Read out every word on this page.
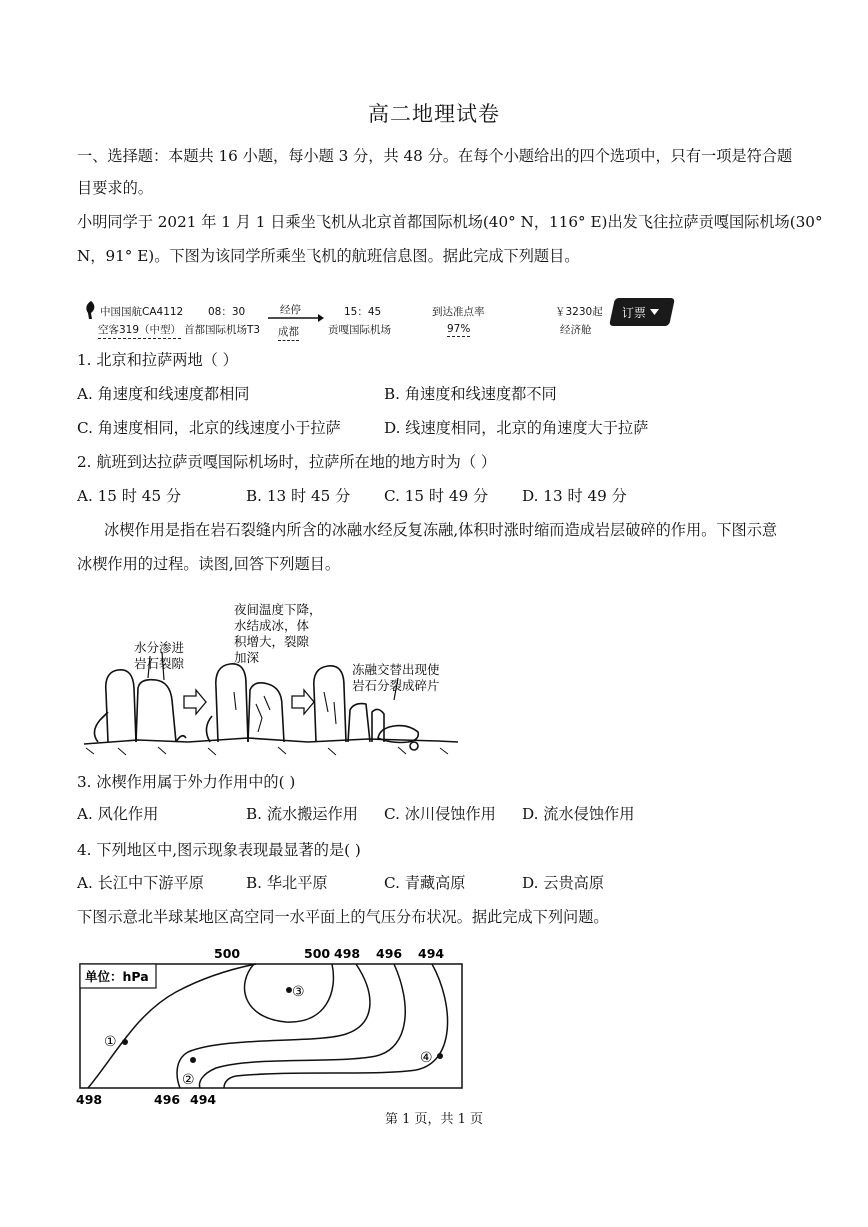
高二地理试卷
一、选择题：本题共 16 小题，每小题 3 分，共 48 分。在每个小题给出的四个选项中，只有一项是符合题
目要求的。
小明同学于 2021 年 1 月 1 日乘坐飞机从北京首都国际机场(40° N，116° E)出发飞往拉萨贡嘎国际机场(30°
N，91° E)。下图为该同学所乘坐飞机的航班信息图。据此完成下列题目。
中国国航CA4112
空客319（中型）
08：30
首都国际机场T3
经停
成都
15：45
贡嘎国际机场
到达准点率
97%
￥3230起
经济舱
订票
1. 北京和拉萨两地（ ）
A. 角速度和线速度都相同	B. 角速度和线速度都不同
C. 角速度相同，北京的线速度小于拉萨	D. 线速度相同，北京的角速度大于拉萨
2. 航班到达拉萨贡嘎国际机场时，拉萨所在地的地方时为（ ）
A. 15 时 45 分	B. 13 时 45 分 C. 15 时 49 分 D. 13 时 49 分
冰楔作用是指在岩石裂缝内所含的冰融水经反复冻融,体积时涨时缩而造成岩层破碎的作用。下图示意
冰楔作用的过程。读图,回答下列题目。
水分渗进
岩石裂隙
夜间温度下降，
水结成冰，体
积增大，裂隙
加深
冻融交替出现使
岩石分裂成碎片
3. 冰楔作用属于外力作用中的( )
A. 风化作用	B. 流水搬运作用 C. 冰川侵蚀作用 D. 流水侵蚀作用
4. 下列地区中,图示现象表现最显著的是( )
A. 长江中下游平原	B. 华北平原	C. 青藏高原	D. 云贵高原
下图示意北半球某地区高空同一水平面上的气压分布状况。据此完成下列问题。
单位：hPa
①
②
③
④
500	500 498 496 494
498	496 494
第 1 页，共 1 页
